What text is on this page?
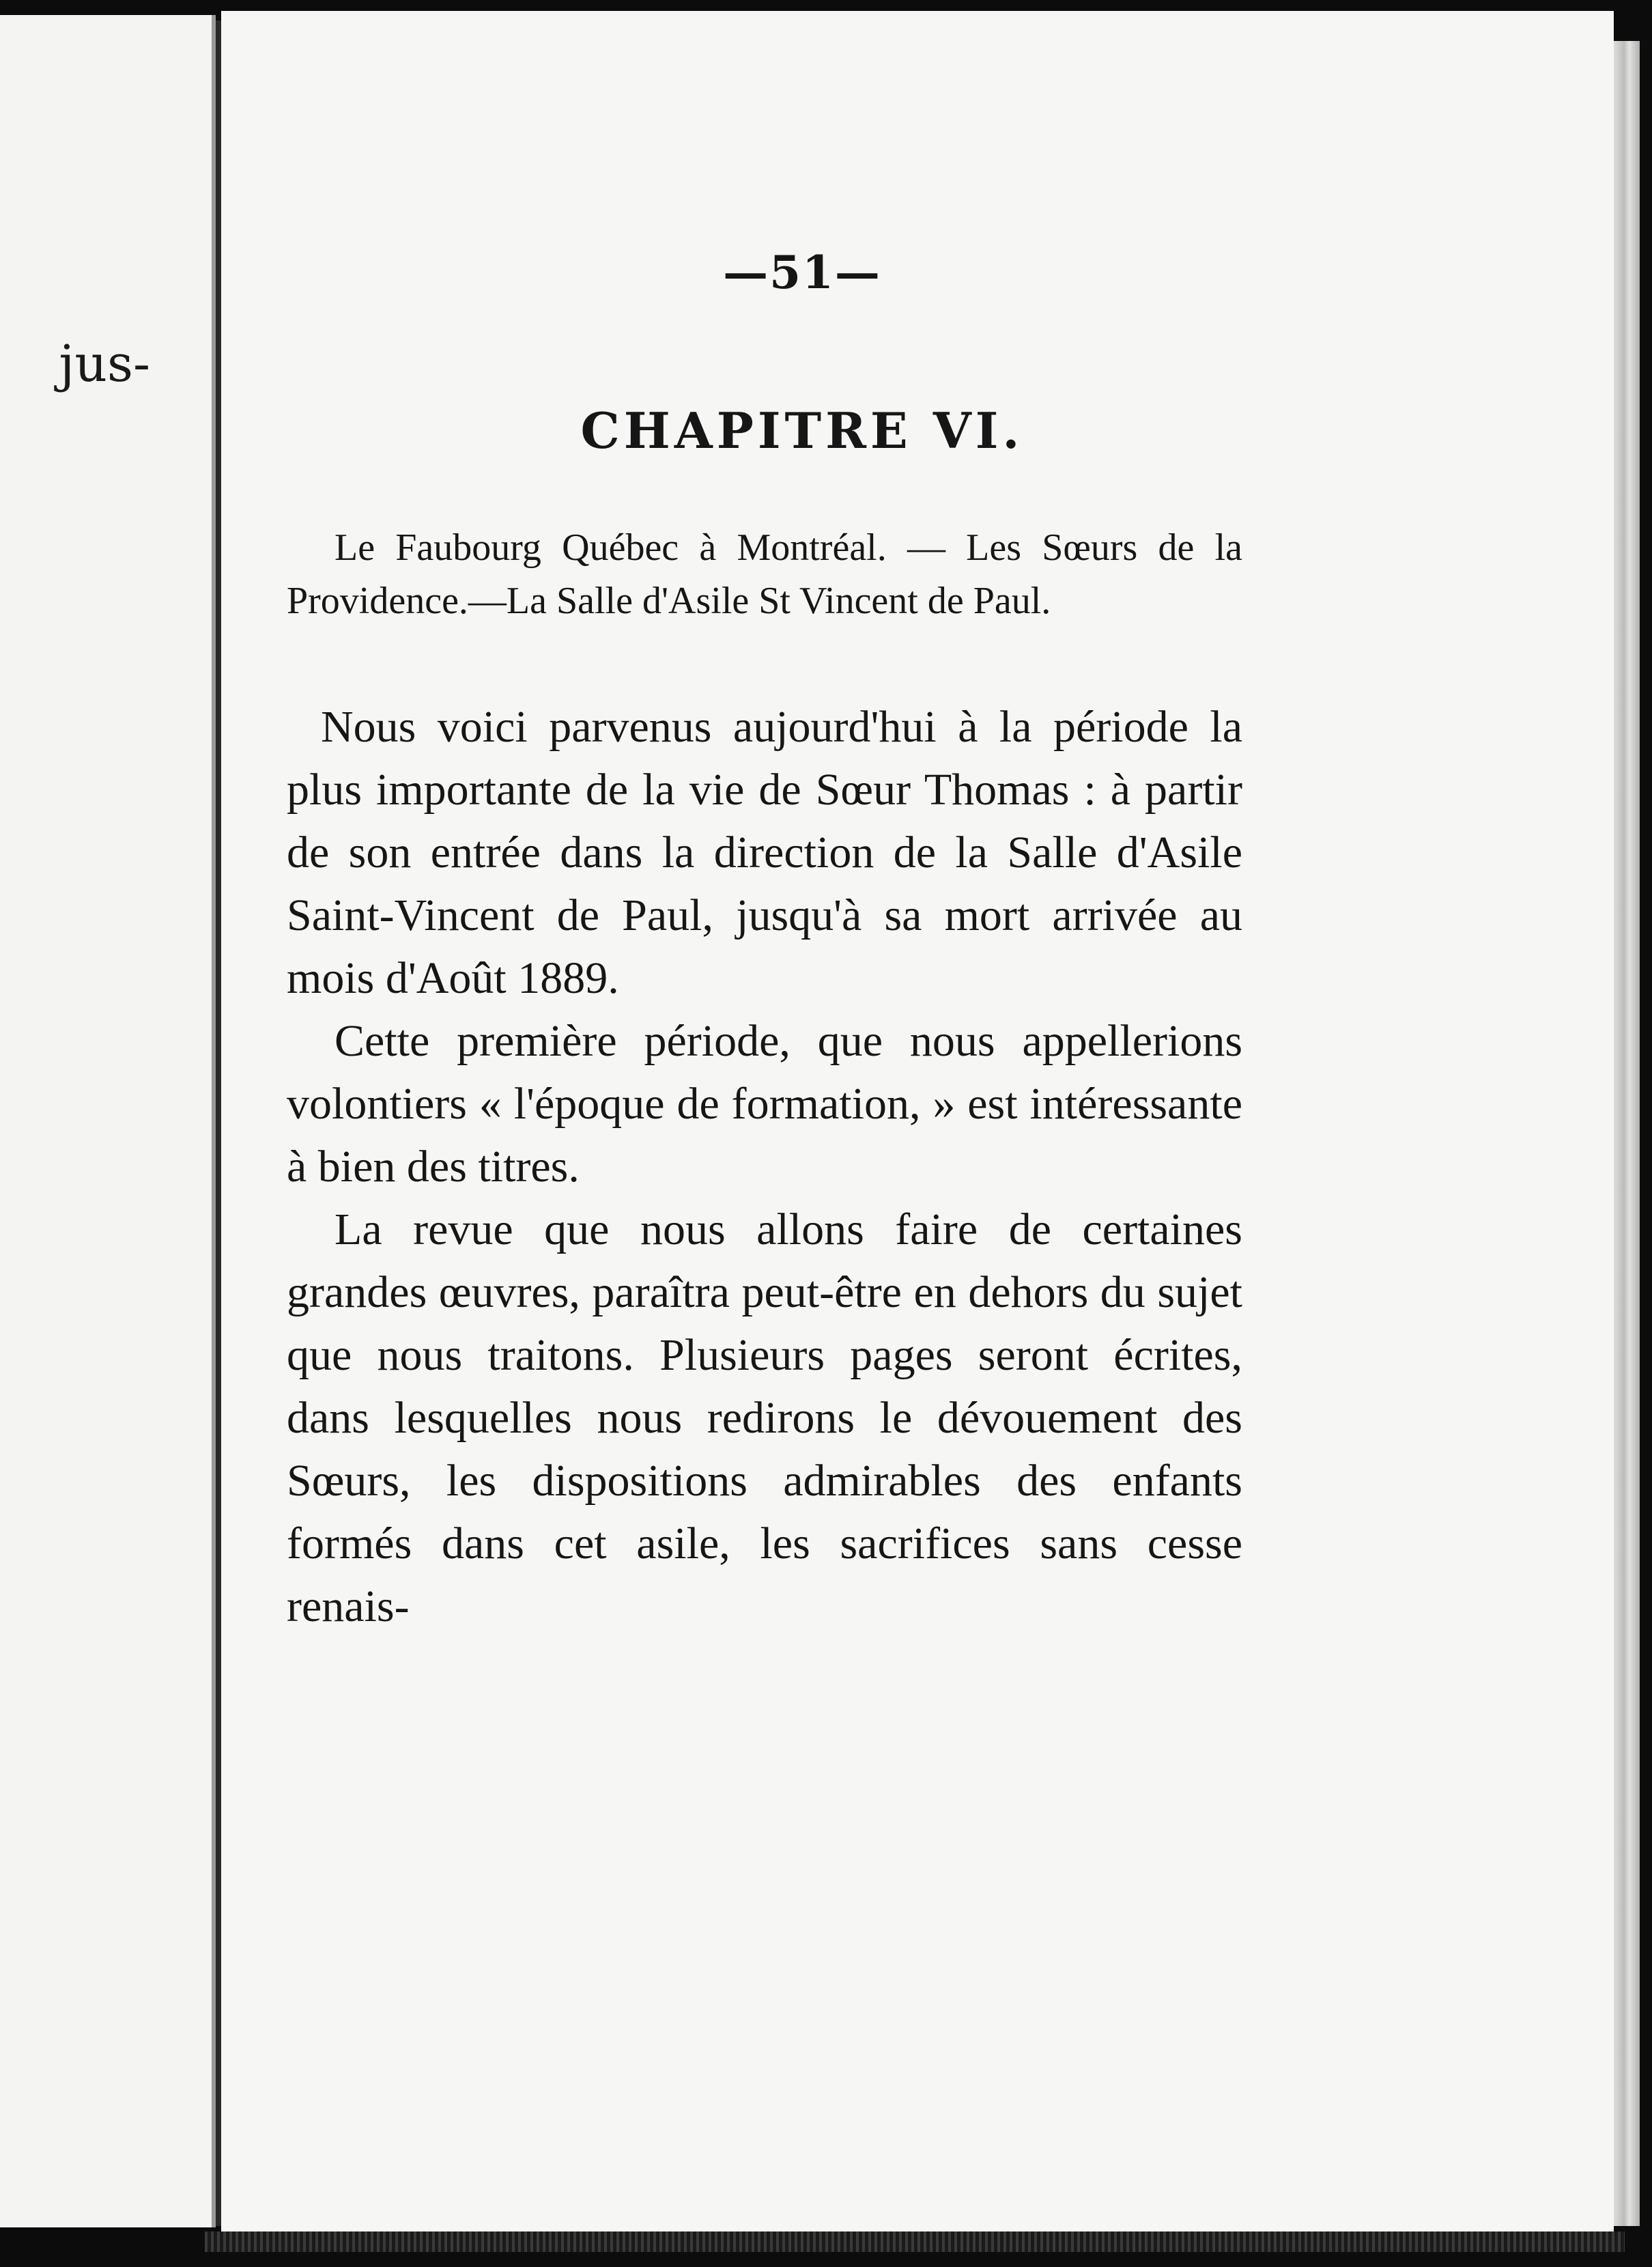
jus-
—51—
CHAPITRE VI.

Le Faubourg Québec à Montréal. — Les Sœurs de la Providence.—La Salle d'Asile St Vincent de Paul.

Nous voici parvenus aujourd'hui à la période la plus importante de la vie de Sœur Thomas : à partir de son entrée dans la direction de la Salle d'Asile Saint-Vincent de Paul, jusqu'à sa mort arrivée au mois d'Août 1889.

Cette première période, que nous appellerions volontiers « l'époque de formation, » est intéressante à bien des titres.

La revue que nous allons faire de certaines grandes œuvres, paraîtra peut-être en dehors du sujet que nous traitons. Plusieurs pages seront écrites, dans lesquelles nous redirons le dévouement des Sœurs, les dispositions admirables des enfants formés dans cet asile, les sacrifices sans cesse renais-
